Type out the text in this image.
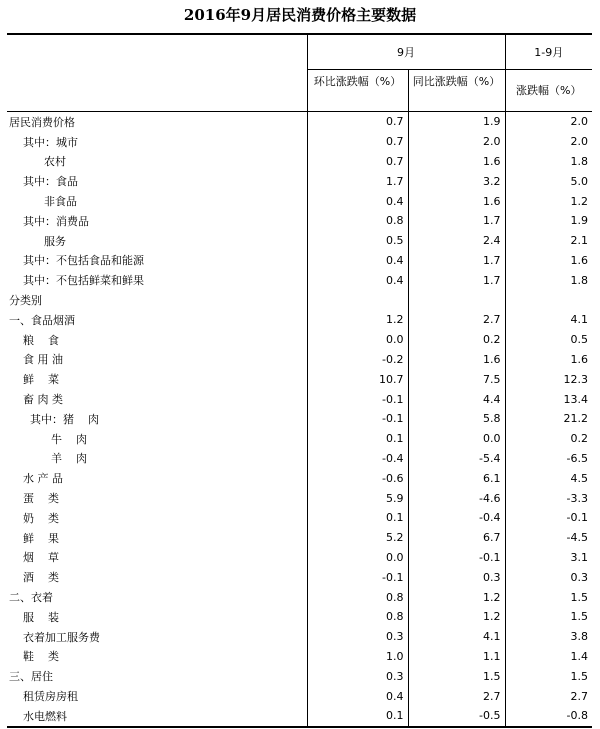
2016年9月居民消费价格主要数据
	9月		1-9月
	环比涨跌幅（%）	同比涨跌幅（%）	涨跌幅（%）
居民消费价格	0.7	1.9	2.0
其中：城市	0.7	2.0	2.0
农村	0.7	1.6	1.8
其中：食品	1.7	3.2	5.0
非食品	0.4	1.6	1.2
其中：消费品	0.8	1.7	1.9
服务	0.5	2.4	2.1
其中：不包括食品和能源	0.4	1.7	1.6
其中：不包括鲜菜和鲜果	0.4	1.7	1.8
分类别			
一、食品烟酒	1.2	2.7	4.1
粮    食	0.0	0.2	0.5
食 用 油	-0.2	1.6	1.6
鲜    菜	10.7	7.5	12.3
畜 肉 类	-0.1	4.4	13.4
其中：猪    肉	-0.1	5.8	21.2
牛    肉	0.1	0.0	0.2
羊    肉	-0.4	-5.4	-6.5
水 产 品	-0.6	6.1	4.5
蛋    类	5.9	-4.6	-3.3
奶    类	0.1	-0.4	-0.1
鲜    果	5.2	6.7	-4.5
烟    草	0.0	-0.1	3.1
酒    类	-0.1	0.3	0.3
二、衣着	0.8	1.2	1.5
服    装	0.8	1.2	1.5
衣着加工服务费	0.3	4.1	3.8
鞋    类	1.0	1.1	1.4
三、居住	0.3	1.5	1.5
租赁房房租	0.4	2.7	2.7
水电燃料	0.1	-0.5	-0.8
